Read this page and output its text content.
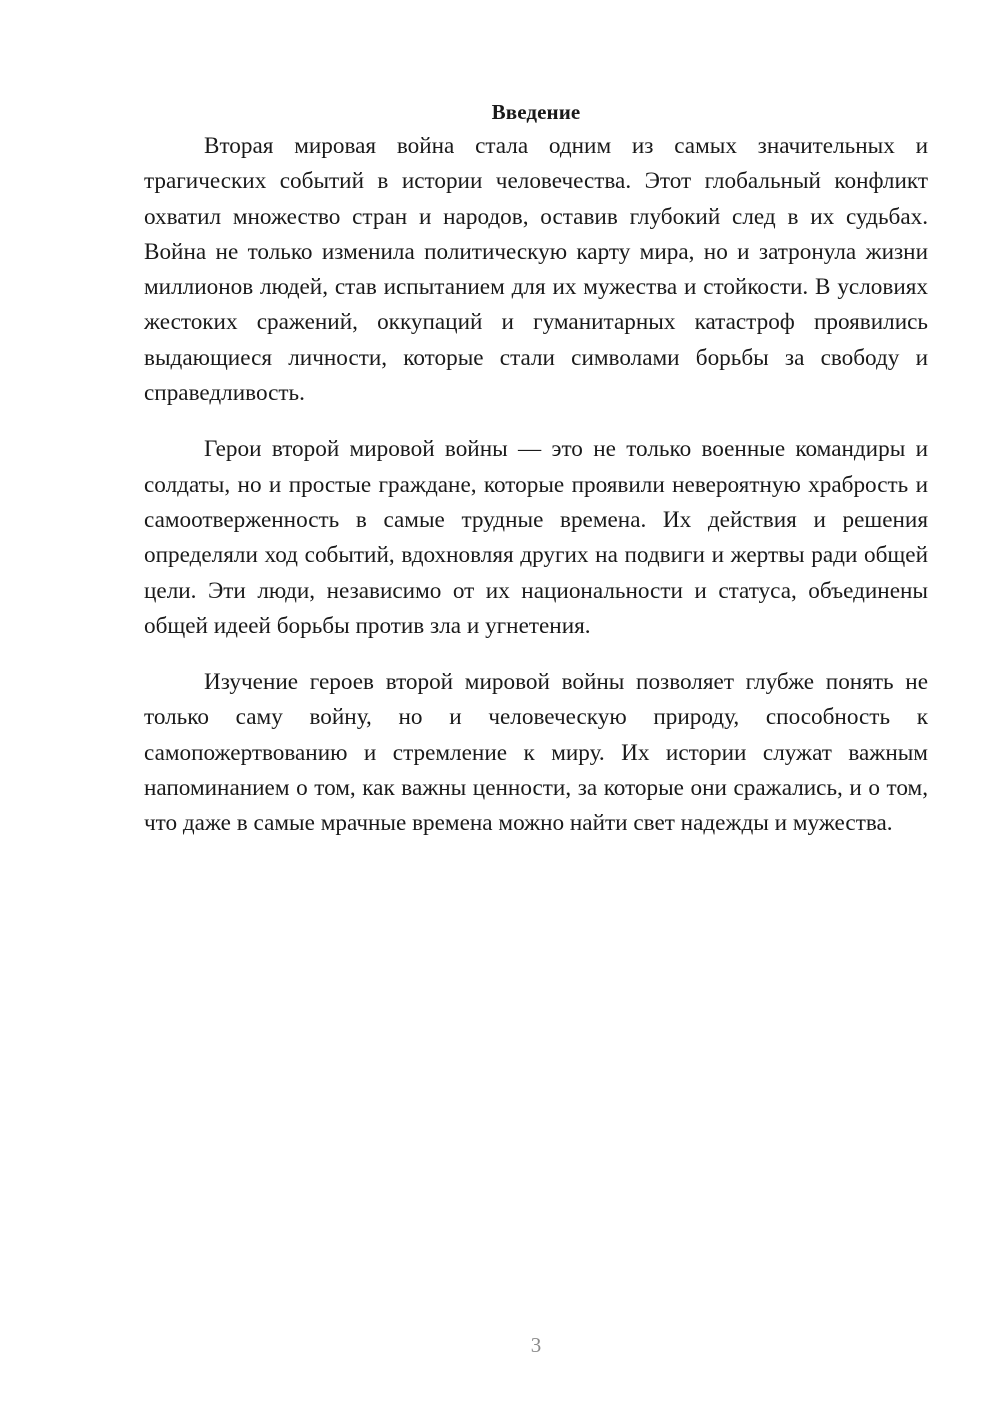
Введение

Вторая мировая война стала одним из самых значительных и трагических событий в истории человечества. Этот глобальный конфликт охватил множество стран и народов, оставив глубокий след в их судьбах. Война не только изменила политическую карту мира, но и затронула жизни миллионов людей, став испытанием для их мужества и стойкости. В условиях жестоких сражений, оккупаций и гуманитарных катастроф проявились выдающиеся личности, которые стали символами борьбы за свободу и справедливость.

Герои второй мировой войны — это не только военные командиры и солдаты, но и простые граждане, которые проявили невероятную храбрость и самоотверженность в самые трудные времена. Их действия и решения определяли ход событий, вдохновляя других на подвиги и жертвы ради общей цели. Эти люди, независимо от их национальности и статуса, объединены общей идеей борьбы против зла и угнетения.

Изучение героев второй мировой войны позволяет глубже понять не только саму войну, но и человеческую природу, способность к самопожертвованию и стремление к миру. Их истории служат важным напоминанием о том, как важны ценности, за которые они сражались, и о том, что даже в самые мрачные времена можно найти свет надежды и мужества.

3
